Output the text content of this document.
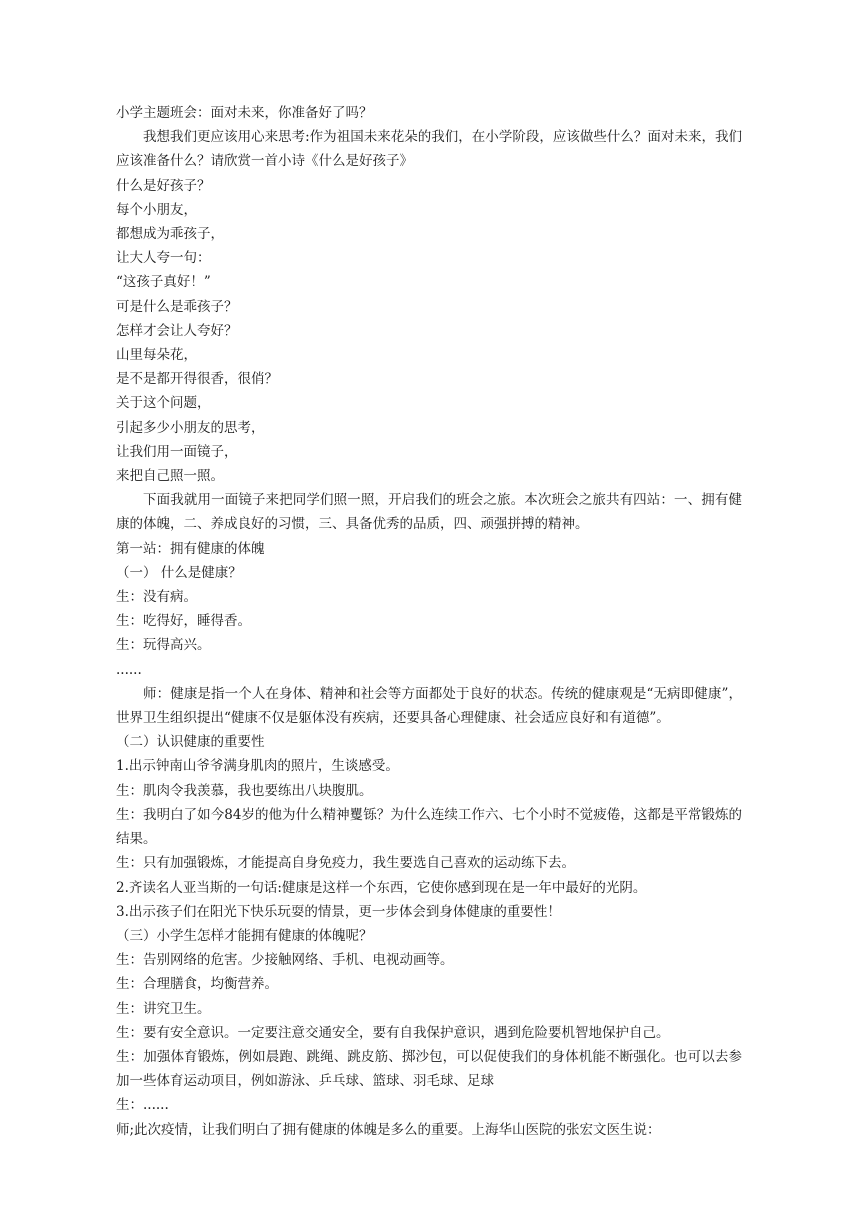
小学主题班会：面对未来，你准备好了吗？

我想我们更应该用心来思考:作为祖国未来花朵的我们，在小学阶段，应该做些什么？面对未来，我们应该准备什么？请欣赏一首小诗《什么是好孩子》

什么是好孩子？

每个小朋友，

都想成为乖孩子，

让大人夸一句：

“这孩子真好！”

可是什么是乖孩子？

怎样才会让人夸好？

山里每朵花，

是不是都开得很香，很俏？

关于这个问题，

引起多少小朋友的思考，

让我们用一面镜子，

来把自己照一照。

下面我就用一面镜子来把同学们照一照，开启我们的班会之旅。本次班会之旅共有四站：一、拥有健康的体魄，二、养成良好的习惯，三、具备优秀的品质，四、顽强拼搏的精神。

第一站：拥有健康的体魄

（一） 什么是健康？

生：没有病。

生：吃得好，睡得香。

生：玩得高兴。

......

师：健康是指一个人在身体、精神和社会等方面都处于良好的状态。传统的健康观是“无病即健康”，世界卫生组织提出“健康不仅是躯体没有疾病，还要具备心理健康、社会适应良好和有道德”。

（二）认识健康的重要性

1.出示钟南山爷爷满身肌肉的照片，生谈感受。

生：肌肉令我羡慕，我也要练出八块腹肌。

生：我明白了如今84岁的他为什么精神矍铄？为什么连续工作六、七个小时不觉疲倦，这都是平常锻炼的结果。

生：只有加强锻炼，才能提高自身免疫力，我生要选自己喜欢的运动练下去。

2.齐读名人亚当斯的一句话:健康是这样一个东西，它使你感到现在是一年中最好的光阴。

3.出示孩子们在阳光下快乐玩耍的情景，更一步体会到身体健康的重要性！

（三）小学生怎样才能拥有健康的体魄呢？

生：告别网络的危害。少接触网络、手机、电视动画等。

生：合理膳食，均衡营养。

生：讲究卫生。

生：要有安全意识。一定要注意交通安全，要有自我保护意识，遇到危险要机智地保护自己。

生：加强体育锻炼，例如晨跑、跳绳、跳皮筋、掷沙包，可以促使我们的身体机能不断强化。也可以去参加一些体育运动项目，例如游泳、乒乓球、篮球、羽毛球、足球

生：......

师;此次疫情，让我们明白了拥有健康的体魄是多么的重要。上海华山医院的张宏文医生说：
